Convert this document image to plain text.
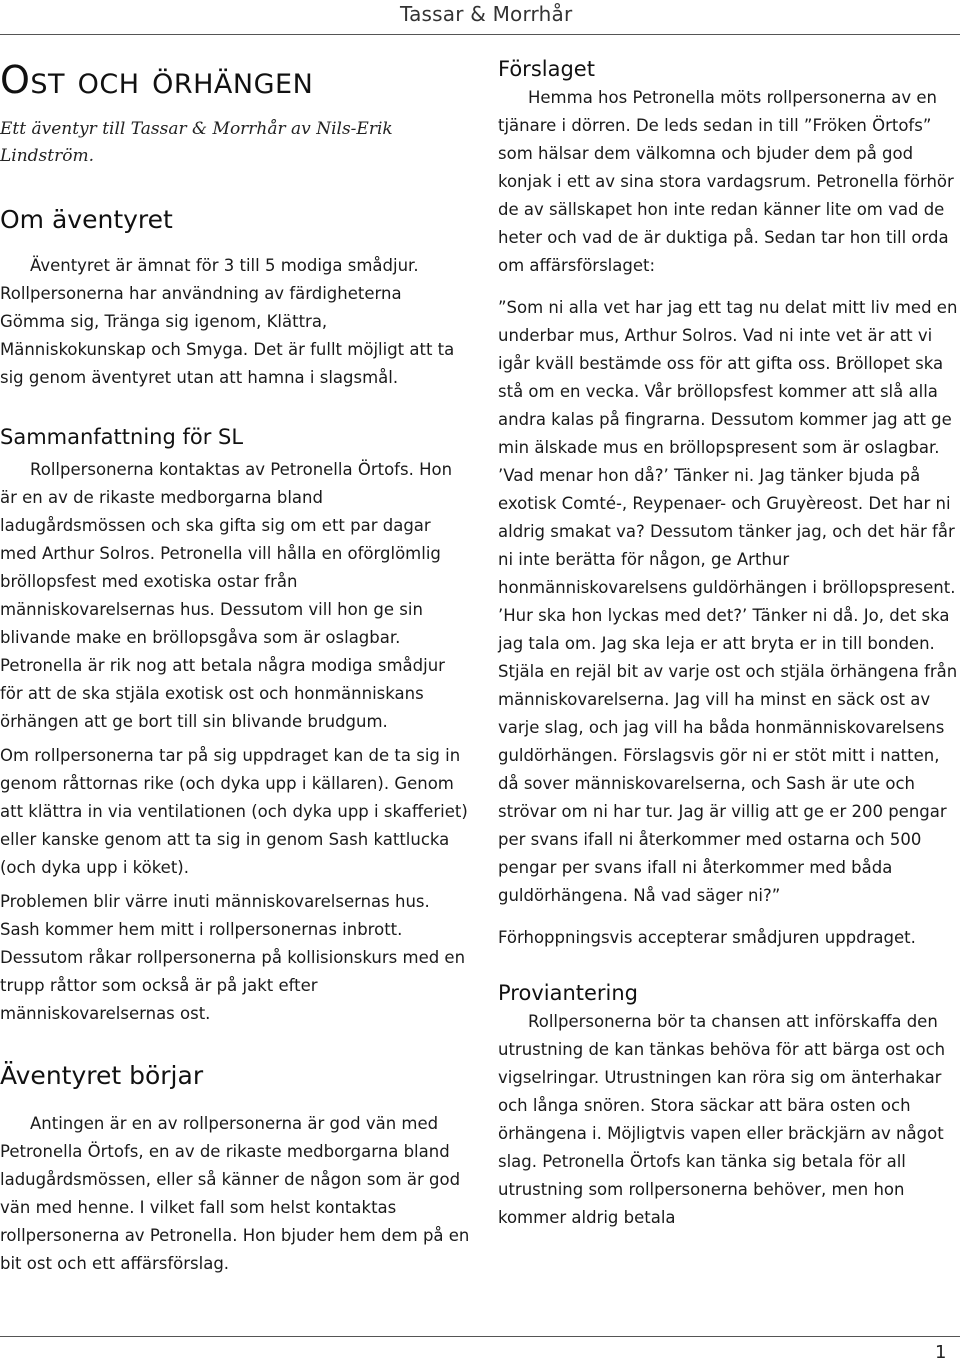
Tassar & Morrhår
Ost och örhängen

Ett äventyr till Tassar & Morrhår av Nils-Erik Lindström.

Om äventyret

Äventyret är ämnat för 3 till 5 modiga smådjur. Rollpersonerna har användning av färdigheterna Gömma sig, Tränga sig igenom, Klättra, Människokunskap och Smyga. Det är fullt möjligt att ta sig genom äventyret utan att hamna i slagsmål.

Sammanfattning för SL

Rollpersonerna kontaktas av Petronella Örtofs. Hon är en av de rikaste medborgarna bland ladugårdsmössen och ska gifta sig om ett par dagar med Arthur Solros. Petronella vill hålla en oförglömlig bröllopsfest med exotiska ostar från människovarelsernas hus. Dessutom vill hon ge sin blivande make en bröllopsgåva som är oslagbar. Petronella är rik nog att betala några modiga smådjur för att de ska stjäla exotisk ost och honmänniskans örhängen att ge bort till sin blivande brudgum.

Om rollpersonerna tar på sig uppdraget kan de ta sig in genom råttornas rike (och dyka upp i källaren). Genom att klättra in via ventilationen (och dyka upp i skafferiet) eller kanske genom att ta sig in genom Sash kattlucka (och dyka upp i köket).

Problemen blir värre inuti människovarelsernas hus. Sash kommer hem mitt i rollpersonernas inbrott. Dessutom råkar rollpersonerna på kollisionskurs med en trupp råttor som också är på jakt efter människovarelsernas ost.

Äventyret börjar

Antingen är en av rollpersonerna är god vän med Petronella Örtofs, en av de rikaste medborgarna bland ladugårdsmössen, eller så känner de någon som är god vän med henne. I vilket fall som helst kontaktas rollpersonerna av Petronella. Hon bjuder hem dem på en bit ost och ett affärsförslag.

Förslaget

Hemma hos Petronella möts rollpersonerna av en tjänare i dörren. De leds sedan in till ”Fröken Örtofs” som hälsar dem välkomna och bjuder dem på god konjak i ett av sina stora vardagsrum. Petronella förhör de av sällskapet hon inte redan känner lite om vad de heter och vad de är duktiga på. Sedan tar hon till orda om affärsförslaget:

”Som ni alla vet har jag ett tag nu delat mitt liv med en underbar mus, Arthur Solros. Vad ni inte vet är att vi igår kväll bestämde oss för att gifta oss. Bröllopet ska stå om en vecka. Vår bröllopsfest kommer att slå alla andra kalas på fingrarna. Dessutom kommer jag att ge min älskade mus en bröllopspresent som är oslagbar. ’Vad menar hon då?’ Tänker ni. Jag tänker bjuda på exotisk Comté-, Reypenaer- och Gruyèreost. Det har ni aldrig smakat va? Dessutom tänker jag, och det här får ni inte berätta för någon, ge Arthur honmänniskovarelsens guldörhängen i bröllopspresent. ’Hur ska hon lyckas med det?’ Tänker ni då. Jo, det ska jag tala om. Jag ska leja er att bryta er in till bonden. Stjäla en rejäl bit av varje ost och stjäla örhängena från människovarelserna. Jag vill ha minst en säck ost av varje slag, och jag vill ha båda honmänniskovarelsens guldörhängen. Förslagsvis gör ni er stöt mitt i natten, då sover människovarelserna, och Sash är ute och strövar om ni har tur. Jag är villig att ge er 200 pengar per svans ifall ni återkommer med ostarna och 500 pengar per svans ifall ni återkommer med båda guldörhängena. Nå vad säger ni?”

Förhoppningsvis accepterar smådjuren uppdraget.

Proviantering

Rollpersonerna bör ta chansen att införskaffa den utrustning de kan tänkas behöva för att bärga ost och vigselringar. Utrustningen kan röra sig om änterhakar och långa snören. Stora säckar att bära osten och örhängena i. Möjligtvis vapen eller bräckjärn av något slag. Petronella Örtofs kan tänka sig betala för all utrustning som rollpersonerna behöver, men hon kommer aldrig betala

1
